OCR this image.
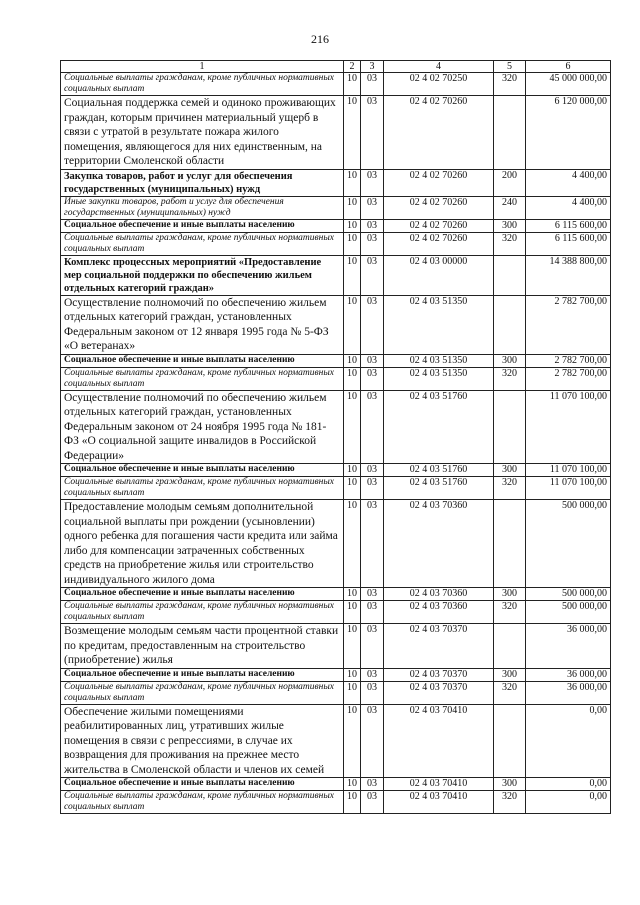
216
1	2	3	4	5	6
Социальные выплаты гражданам, кроме публичных нормативных социальных выплат	10	03	02 4 02 70250	320	45 000 000,00
Социальная поддержка семей и одиноко проживающих граждан, которым причинен материальный ущерб в связи с утратой в результате пожара жилого помещения, являющегося для них единственным, на территории Смоленской области	10	03	02 4 02 70260		6 120 000,00
Закупка товаров, работ и услуг для обеспечения государственных (муниципальных) нужд	10	03	02 4 02 70260	200	4 400,00
Иные закупки товаров, работ и услуг для обеспечения государственных (муниципальных) нужд	10	03	02 4 02 70260	240	4 400,00
Социальное обеспечение и иные выплаты населению	10	03	02 4 02 70260	300	6 115 600,00
Социальные выплаты гражданам, кроме публичных нормативных социальных выплат	10	03	02 4 02 70260	320	6 115 600,00
Комплекс процессных мероприятий «Предоставление мер социальной поддержки по обеспечению жильем отдельных категорий граждан»	10	03	02 4 03 00000		14 388 800,00
Осуществление полномочий по обеспечению жильем отдельных категорий граждан, установленных Федеральным законом от 12 января 1995 года № 5-ФЗ «О ветеранах»	10	03	02 4 03 51350		2 782 700,00
Социальное обеспечение и иные выплаты населению	10	03	02 4 03 51350	300	2 782 700,00
Социальные выплаты гражданам, кроме публичных нормативных социальных выплат	10	03	02 4 03 51350	320	2 782 700,00
Осуществление полномочий по обеспечению жильем отдельных категорий граждан, установленных Федеральным законом от 24 ноября 1995 года № 181-ФЗ «О социальной защите инвалидов в Российской Федерации»	10	03	02 4 03 51760		11 070 100,00
Социальное обеспечение и иные выплаты населению	10	03	02 4 03 51760	300	11 070 100,00
Социальные выплаты гражданам, кроме публичных нормативных социальных выплат	10	03	02 4 03 51760	320	11 070 100,00
Предоставление молодым семьям дополнительной социальной выплаты при рождении (усыновлении) одного ребенка для погашения части кредита или займа либо для компенсации затраченных собственных средств на приобретение жилья или строительство индивидуального жилого дома	10	03	02 4 03 70360		500 000,00
Социальное обеспечение и иные выплаты населению	10	03	02 4 03 70360	300	500 000,00
Социальные выплаты гражданам, кроме публичных нормативных социальных выплат	10	03	02 4 03 70360	320	500 000,00
Возмещение молодым семьям части процентной ставки по кредитам, предоставленным на строительство (приобретение) жилья	10	03	02 4 03 70370		36 000,00
Социальное обеспечение и иные выплаты населению	10	03	02 4 03 70370	300	36 000,00
Социальные выплаты гражданам, кроме публичных нормативных социальных выплат	10	03	02 4 03 70370	320	36 000,00
Обеспечение жилыми помещениями реабилитированных лиц, утративших жилые помещения в связи с репрессиями, в случае их возвращения для проживания на прежнее место жительства в Смоленской области и членов их семей	10	03	02 4 03 70410		0,00
Социальное обеспечение и иные выплаты населению	10	03	02 4 03 70410	300	0,00
Социальные выплаты гражданам, кроме публичных нормативных социальных выплат	10	03	02 4 03 70410	320	0,00
